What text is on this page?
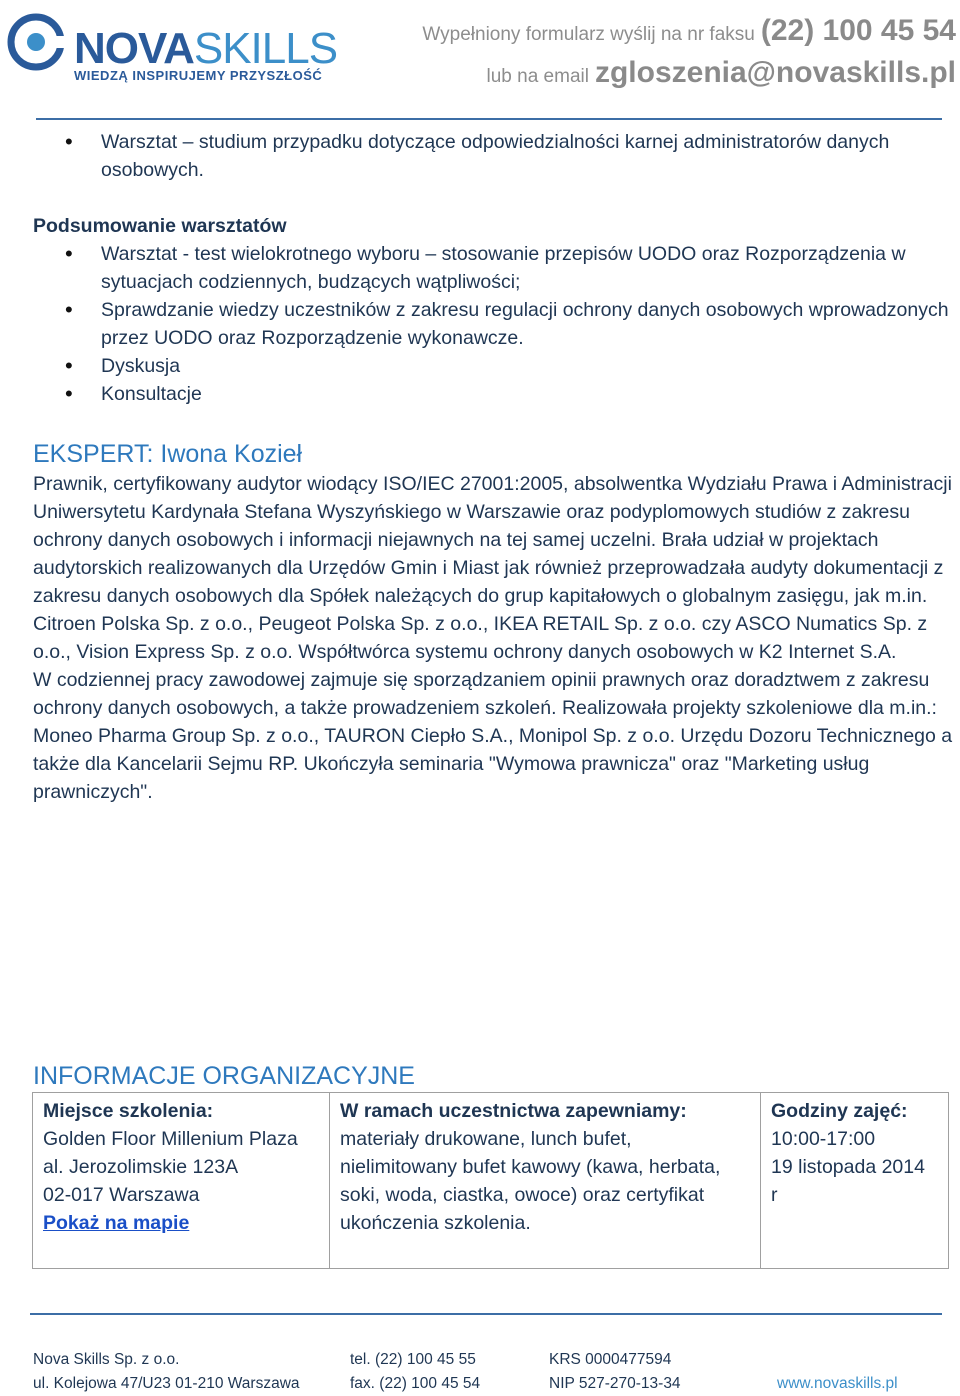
NOVASKILLS
WIEDZĄ INSPIRUJEMY PRZYSZŁOŚĆ
Wypełniony formularz wyślij na nr faksu (22) 100 45 54
lub na email zgloszenia@novaskills.pl
• Warsztat – studium przypadku dotyczące odpowiedzialności karnej administratorów danych osobowych.
Podsumowanie warsztatów
• Warsztat - test wielokrotnego wyboru – stosowanie przepisów UODO oraz Rozporządzenia w sytuacjach codziennych, budzących wątpliwości;
• Sprawdzanie wiedzy uczestników z zakresu regulacji ochrony danych osobowych wprowadzonych przez UODO oraz Rozporządzenie wykonawcze.
• Dyskusja
• Konsultacje
EKSPERT: Iwona Kozieł

Prawnik, certyfikowany audytor wiodący ISO/IEC 27001:2005, absolwentka Wydziału Prawa i Administracji Uniwersytetu Kardynała Stefana Wyszyńskiego w Warszawie oraz podyplomowych studiów z zakresu ochrony danych osobowych i informacji niejawnych na tej samej uczelni. Brała udział w projektach audytorskich realizowanych dla Urzędów Gmin i Miast jak również przeprowadzała audyty dokumentacji z zakresu danych osobowych dla Spółek należących do grup kapitałowych o globalnym zasięgu, jak m.in. Citroen Polska Sp. z o.o., Peugeot Polska Sp. z o.o., IKEA RETAIL Sp. z o.o. czy ASCO Numatics Sp. z o.o., Vision Express Sp. z o.o. Współtwórca systemu ochrony danych osobowych w K2 Internet S.A.

W codziennej pracy zawodowej zajmuje się sporządzaniem opinii prawnych oraz doradztwem z zakresu ochrony danych osobowych, a także prowadzeniem szkoleń. Realizowała projekty szkoleniowe dla m.in.: Moneo Pharma Group Sp. z o.o., TAURON Ciepło S.A., Monipol Sp. z o.o. Urzędu Dozoru Technicznego a także dla Kancelarii Sejmu RP. Ukończyła seminaria "Wymowa prawnicza" oraz "Marketing usług prawniczych".

INFORMACJE ORGANIZACYJNE
Miejsce szkolenia:
Golden Floor Millenium Plaza
al. Jerozolimskie 123A
02-017 Warszawa
Pokaż na mapie

W ramach uczestnictwa zapewniamy:
materiały drukowane, lunch bufet, nielimitowany bufet kawowy (kawa, herbata, soki, woda, ciastka, owoce) oraz certyfikat ukończenia szkolenia.

Godziny zajęć:
10:00-17:00
19 listopada 2014
r
Nova Skills Sp. z o.o.
ul. Kolejowa 47/U23 01-210 Warszawa
tel. (22) 100 45 55
fax. (22) 100 45 54
KRS 0000477594
NIP 527-270-13-34	www.novaskills.pl
